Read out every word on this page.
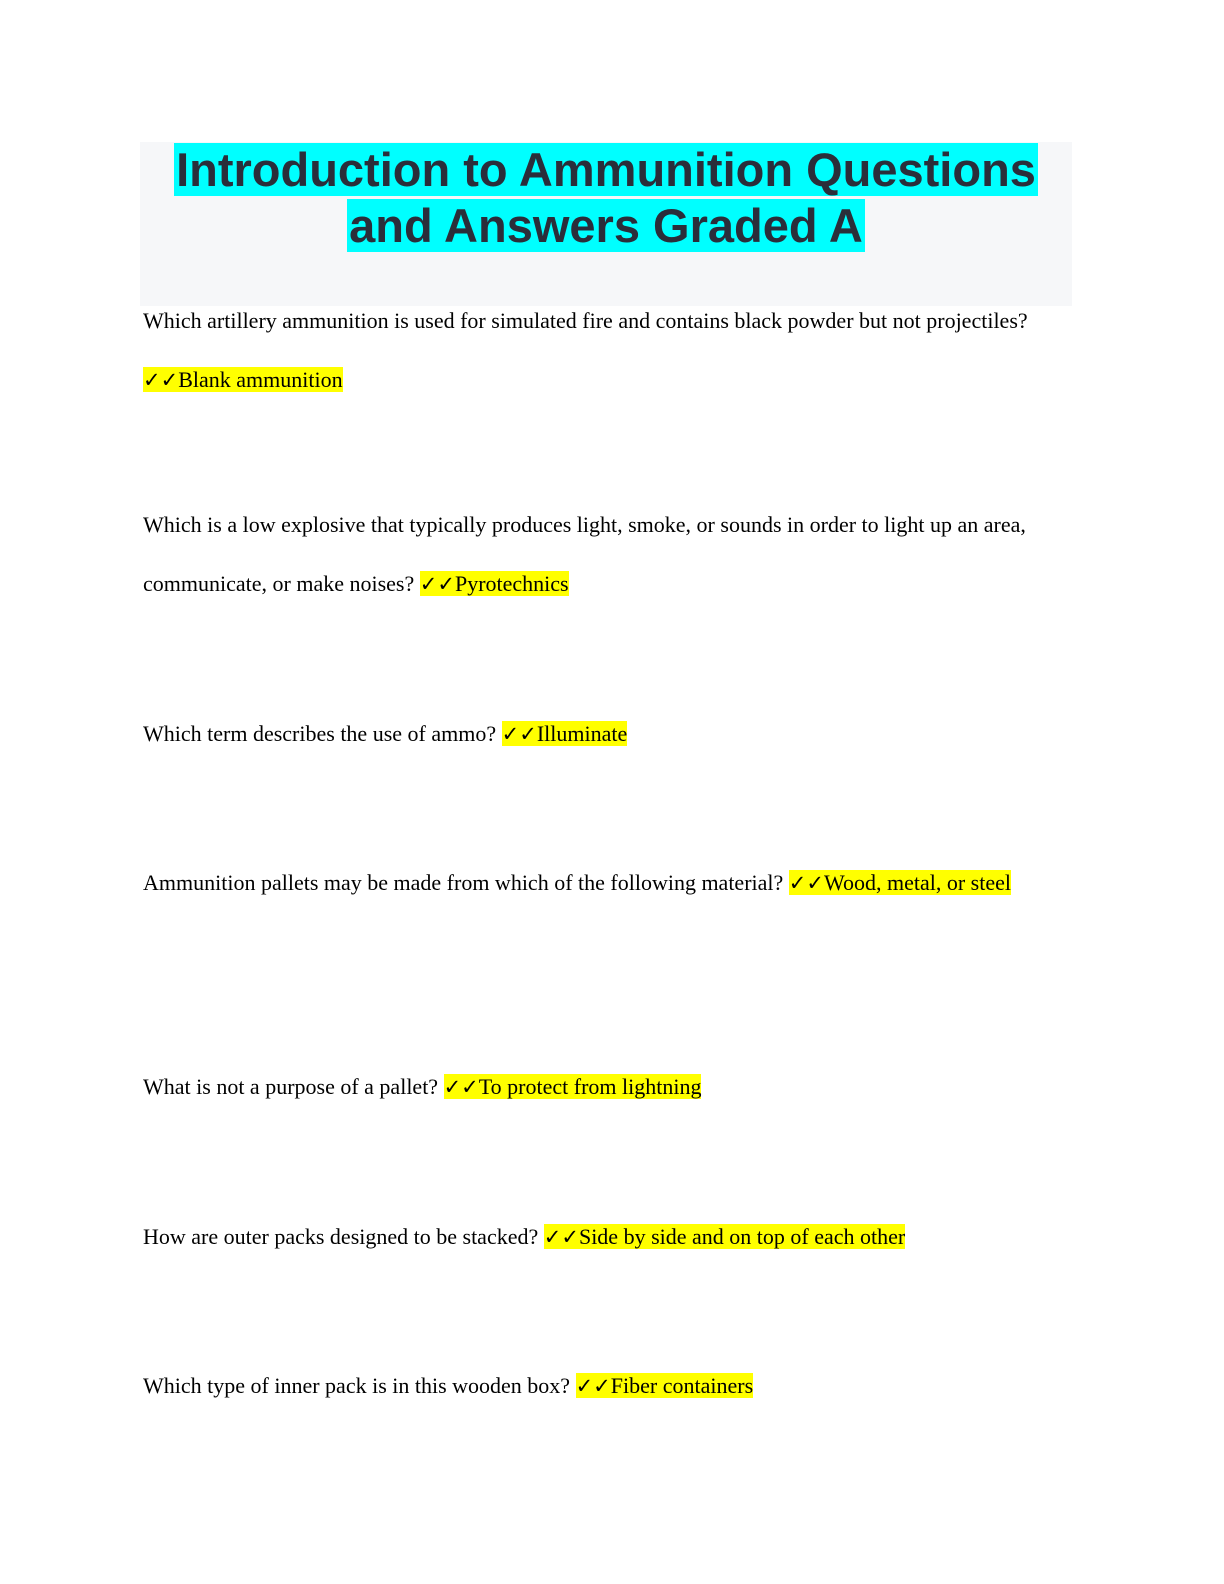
Introduction to Ammunition Questions
and Answers Graded A

Which artillery ammunition is used for simulated fire and contains black powder but not projectiles? ✓✓Blank ammunition

Which is a low explosive that typically produces light, smoke, or sounds in order to light up an area, communicate, or make noises? ✓✓Pyrotechnics

Which term describes the use of ammo? ✓✓Illuminate

Ammunition pallets may be made from which of the following material? ✓✓Wood, metal, or steel

What is not a purpose of a pallet? ✓✓To protect from lightning

How are outer packs designed to be stacked? ✓✓Side by side and on top of each other

Which type of inner pack is in this wooden box? ✓✓Fiber containers
